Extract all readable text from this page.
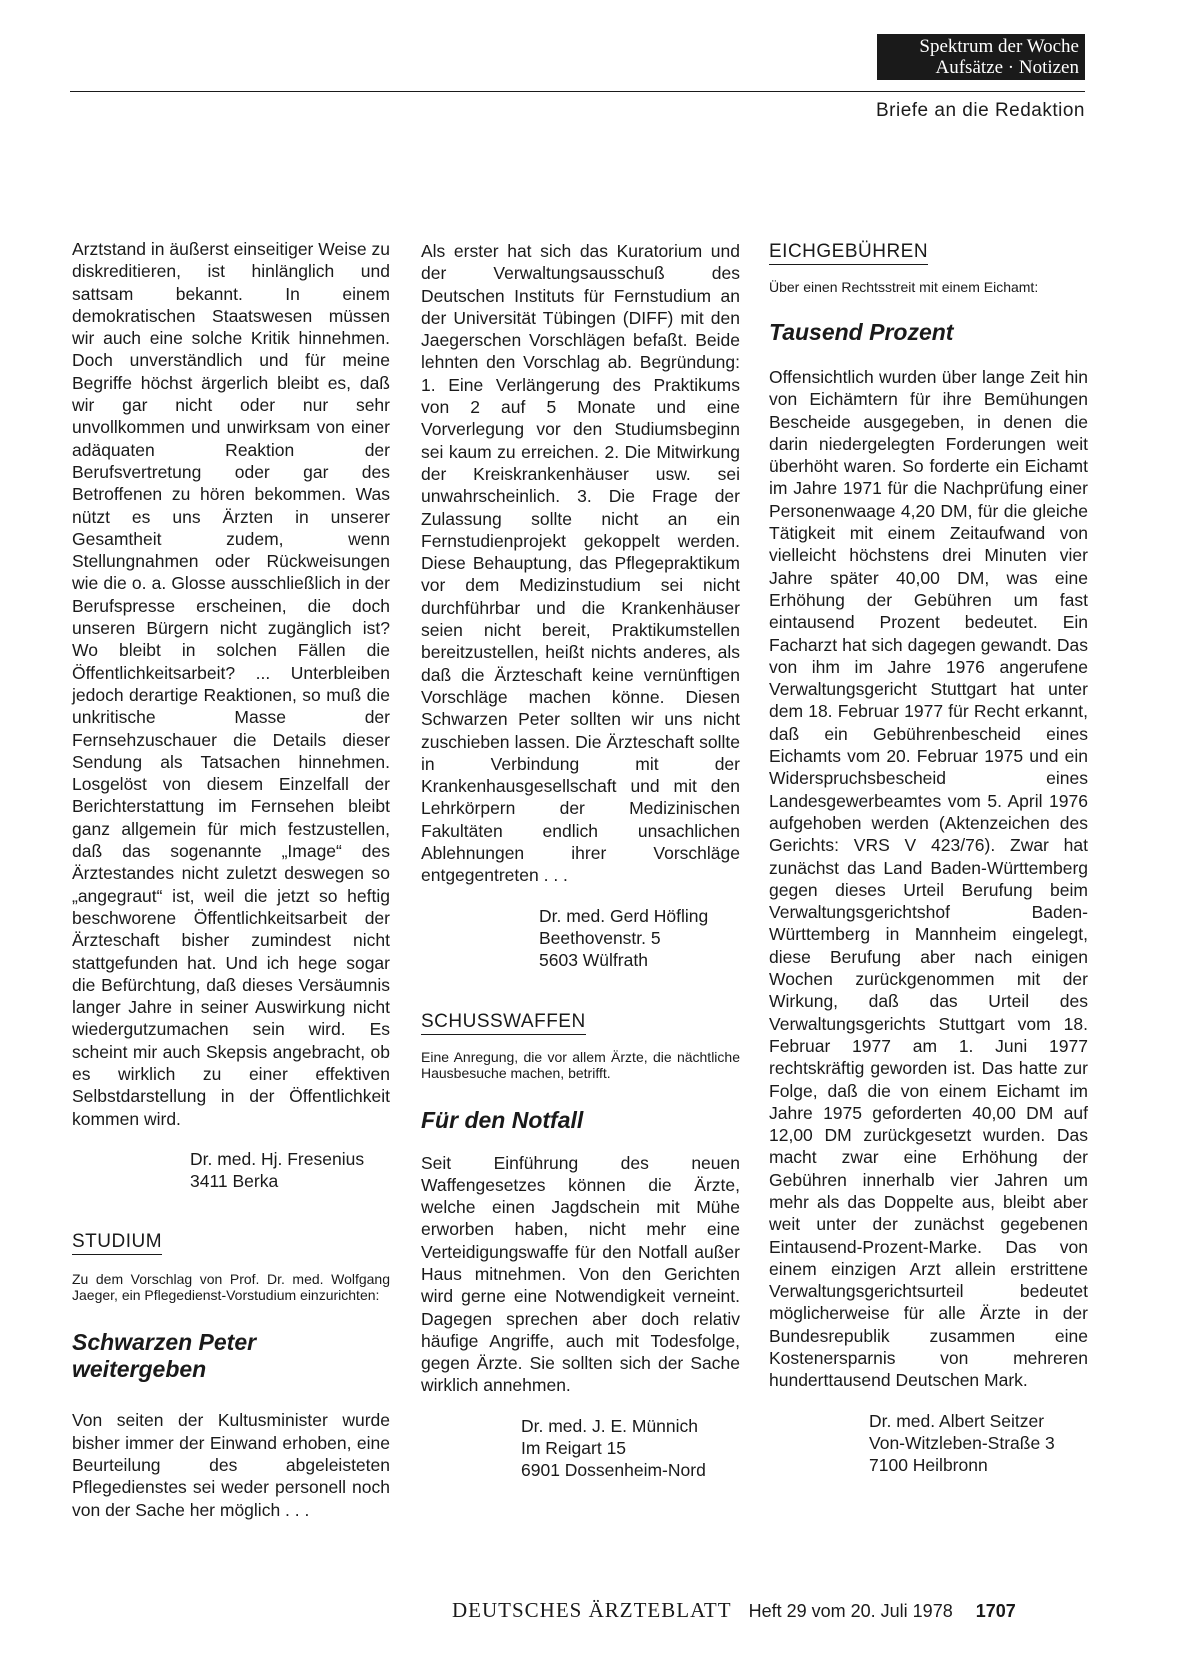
Spektrum der Woche
Aufsätze · Notizen
Briefe an die Redaktion

Arztstand in äußerst einseitiger Weise zu diskreditieren, ist hinlänglich und sattsam bekannt. In einem demokratischen Staatswesen müssen wir auch eine solche Kritik hinnehmen. Doch unverständlich und für meine Begriffe höchst ärgerlich bleibt es, daß wir gar nicht oder nur sehr unvollkommen und unwirksam von einer adäquaten Reaktion der Berufsvertretung oder gar des Betroffenen zu hören bekommen. Was nützt es uns Ärzten in unserer Gesamtheit zudem, wenn Stellungnahmen oder Rückweisungen wie die o. a. Glosse ausschließlich in der Berufspresse erscheinen, die doch unseren Bürgern nicht zugänglich ist? Wo bleibt in solchen Fällen die Öffentlichkeitsarbeit? ... Unterbleiben jedoch derartige Reaktionen, so muß die unkritische Masse der Fernsehzuschauer die Details dieser Sendung als Tatsachen hinnehmen. Losgelöst von diesem Einzelfall der Berichterstattung im Fernsehen bleibt ganz allgemein für mich festzustellen, daß das sogenannte „Image“ des Ärztestandes nicht zuletzt deswegen so „angegraut“ ist, weil die jetzt so heftig beschworene Öffentlichkeitsarbeit der Ärzteschaft bisher zumindest nicht stattgefunden hat. Und ich hege sogar die Befürchtung, daß dieses Versäumnis langer Jahre in seiner Auswirkung nicht wiedergutzumachen sein wird. Es scheint mir auch Skepsis angebracht, ob es wirklich zu einer effektiven Selbstdarstellung in der Öffentlichkeit kommen wird.

Dr. med. Hj. Fresenius
3411 Berka
STUDIUM

Zu dem Vorschlag von Prof. Dr. med. Wolfgang Jaeger, ein Pflegedienst-Vorstudium einzurichten:

Schwarzen Peter
weitergeben

Von seiten der Kultusminister wurde bisher immer der Einwand erhoben, eine Beurteilung des abgeleisteten Pflegedienstes sei weder personell noch von der Sache her möglich . . .

Als erster hat sich das Kuratorium und der Verwaltungsausschuß des Deutschen Instituts für Fernstudium an der Universität Tübingen (DIFF) mit den Jaegerschen Vorschlägen befaßt. Beide lehnten den Vorschlag ab. Begründung: 1. Eine Verlängerung des Praktikums von 2 auf 5 Monate und eine Vorverlegung vor den Studiumsbeginn sei kaum zu erreichen. 2. Die Mitwirkung der Kreiskrankenhäuser usw. sei unwahrscheinlich. 3. Die Frage der Zulassung sollte nicht an ein Fernstudienprojekt gekoppelt werden. Diese Behauptung, das Pflegepraktikum vor dem Medizinstudium sei nicht durchführbar und die Krankenhäuser seien nicht bereit, Praktikumstellen bereitzustellen, heißt nichts anderes, als daß die Ärzteschaft keine vernünftigen Vorschläge machen könne. Diesen Schwarzen Peter sollten wir uns nicht zuschieben lassen. Die Ärzteschaft sollte in Verbindung mit der Krankenhausgesellschaft und mit den Lehrkörpern der Medizinischen Fakultäten endlich unsachlichen Ablehnungen ihrer Vorschläge entgegentreten . . .

Dr. med. Gerd Höfling
Beethovenstr. 5
5603 Wülfrath
SCHUSSWAFFEN

Eine Anregung, die vor allem Ärzte, die nächtliche Hausbesuche machen, betrifft.

Für den Notfall

Seit Einführung des neuen Waffengesetzes können die Ärzte, welche einen Jagdschein mit Mühe erworben haben, nicht mehr eine Verteidigungswaffe für den Notfall außer Haus mitnehmen. Von den Gerichten wird gerne eine Notwendigkeit verneint. Dagegen sprechen aber doch relativ häufige Angriffe, auch mit Todesfolge, gegen Ärzte. Sie sollten sich der Sache wirklich annehmen.

Dr. med. J. E. Münnich
Im Reigart 15
6901 Dossenheim-Nord
EICHGEBÜHREN

Über einen Rechtsstreit mit einem Eichamt:

Tausend Prozent

Offensichtlich wurden über lange Zeit hin von Eichämtern für ihre Bemühungen Bescheide ausgegeben, in denen die darin niedergelegten Forderungen weit überhöht waren. So forderte ein Eichamt im Jahre 1971 für die Nachprüfung einer Personenwaage 4,20 DM, für die gleiche Tätigkeit mit einem Zeitaufwand von vielleicht höchstens drei Minuten vier Jahre später 40,00 DM, was eine Erhöhung der Gebühren um fast eintausend Prozent bedeutet. Ein Facharzt hat sich dagegen gewandt. Das von ihm im Jahre 1976 angerufene Verwaltungsgericht Stuttgart hat unter dem 18. Februar 1977 für Recht erkannt, daß ein Gebührenbescheid eines Eichamts vom 20. Februar 1975 und ein Widerspruchsbescheid eines Landesgewerbeamtes vom 5. April 1976 aufgehoben werden (Aktenzeichen des Gerichts: VRS V 423/76). Zwar hat zunächst das Land Baden-Württemberg gegen dieses Urteil Berufung beim Verwaltungsgerichtshof Baden-Württemberg in Mannheim eingelegt, diese Berufung aber nach einigen Wochen zurückgenommen mit der Wirkung, daß das Urteil des Verwaltungsgerichts Stuttgart vom 18. Februar 1977 am 1. Juni 1977 rechtskräftig geworden ist. Das hatte zur Folge, daß die von einem Eichamt im Jahre 1975 geforderten 40,00 DM auf 12,00 DM zurückgesetzt wurden. Das macht zwar eine Erhöhung der Gebühren innerhalb vier Jahren um mehr als das Doppelte aus, bleibt aber weit unter der zunächst gegebenen Eintausend-Prozent-Marke. Das von einem einzigen Arzt allein erstrittene Verwaltungsgerichtsurteil bedeutet möglicherweise für alle Ärzte in der Bundesrepublik zusammen eine Kostenersparnis von mehreren hunderttausend Deutschen Mark.

Dr. med. Albert Seitzer
Von-Witzleben-Straße 3
7100 Heilbronn
DEUTSCHES ÄRZTEBLATT Heft 29 vom 20. Juli 1978 1707
